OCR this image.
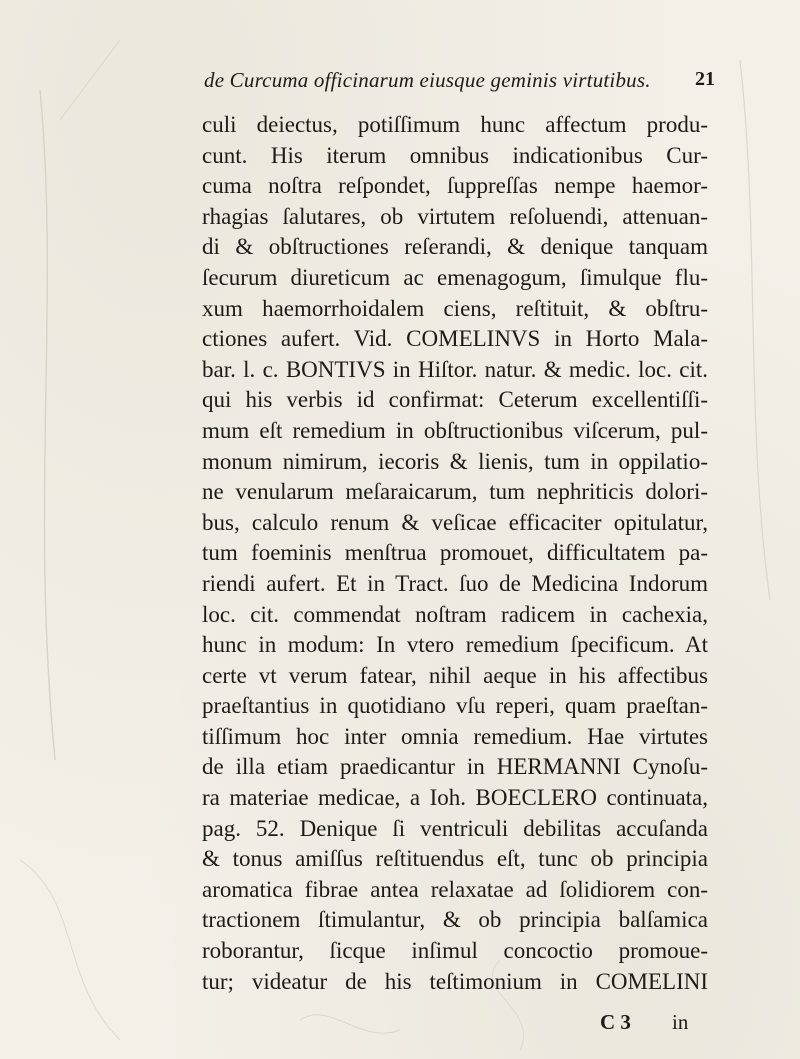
de Curcuma officinarum eiusque geminis virtutibus. 21
culi deiectus, potiſſimum hunc affectum produ-
cunt. His iterum omnibus indicationibus Cur-
cuma noſtra reſpondet, ſuppreſſas nempe haemor-
rhagias ſalutares, ob virtutem reſoluendi, attenuan-
di & obſtructiones reſerandi, & denique tanquam
ſecurum diureticum ac emenagogum, ſimulque flu-
xum haemorrhoidalem ciens, reſtituit, & obſtru-
ctiones aufert. Vid. COMELINVS in Horto Mala-
bar. l. c. BONTIVS in Hiſtor. natur. & medic. loc. cit.
qui his verbis id confirmat: Ceterum excellentiſſi-
mum eſt remedium in obſtructionibus viſcerum, pul-
monum nimirum, iecoris & lienis, tum in oppilatio-
ne venularum meſaraicarum, tum nephriticis dolori-
bus, calculo renum & veſicae efficaciter opitulatur,
tum foeminis menſtrua promouet, difficultatem pa-
riendi aufert. Et in Tract. ſuo de Medicina Indorum
loc. cit. commendat noſtram radicem in cachexia,
hunc in modum: In vtero remedium ſpecificum. At
certe vt verum fatear, nihil aeque in his affectibus
praeſtantius in quotidiano vſu reperi, quam praeſtan-
tiſſimum hoc inter omnia remedium. Hae virtutes
de illa etiam praedicantur in HERMANNI Cynoſu-
ra materiae medicae, a Ioh. BOECLERO continuata,
pag. 52. Denique ſi ventriculi debilitas accuſanda
& tonus amiſſus reſtituendus eſt, tunc ob principia
aromatica fibrae antea relaxatae ad ſolidiorem con-
tractionem ſtimulantur, & ob principia balſamica
roborantur, ſicque inſimul concoctio promoue-
tur; videatur de his teſtimonium in COMELINI
C 3 in
